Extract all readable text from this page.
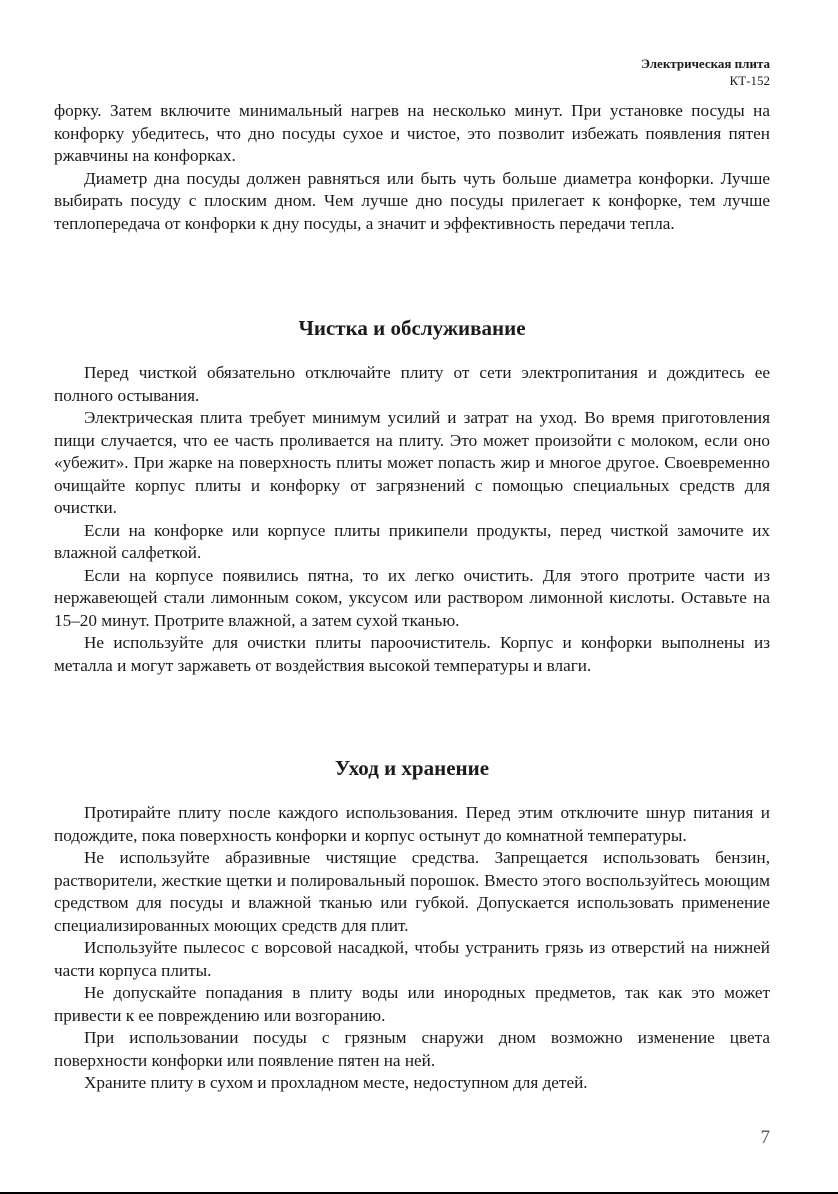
Электрическая плита
КТ-152

форку. Затем включите минимальный нагрев на несколько минут. При установке посуды на конфорку убедитесь, что дно посуды сухое и чистое, это позволит избежать появления пятен ржавчины на конфорках.

Диаметр дна посуды должен равняться или быть чуть больше диаметра конфорки. Лучше выбирать посуду с плоским дном. Чем лучше дно посуды прилегает к конфорке, тем лучше теплопередача от конфорки к дну посуды, а значит и эффективность передачи тепла.

Чистка и обслуживание

Перед чисткой обязательно отключайте плиту от сети электропитания и дождитесь ее полного остывания.

Электрическая плита требует минимум усилий и затрат на уход. Во время приготовления пищи случается, что ее часть проливается на плиту. Это может произойти с молоком, если оно «убежит». При жарке на поверхность плиты может попасть жир и многое другое. Своевременно очищайте корпус плиты и конфорку от загрязнений с помощью специальных средств для очистки.

Если на конфорке или корпусе плиты прикипели продукты, перед чисткой замочите их влажной салфеткой.

Если на корпусе появились пятна, то их легко очистить. Для этого протрите части из нержавеющей стали лимонным соком, уксусом или раствором лимонной кислоты. Оставьте на 15–20 минут. Протрите влажной, а затем сухой тканью.

Не используйте для очистки плиты пароочиститель. Корпус и конфорки выполнены из металла и могут заржаветь от воздействия высокой температуры и влаги.

Уход и хранение

Протирайте плиту после каждого использования. Перед этим отключите шнур питания и подождите, пока поверхность конфорки и корпус остынут до комнатной температуры.

Не используйте абразивные чистящие средства. Запрещается использовать бензин, растворители, жесткие щетки и полировальный порошок. Вместо этого воспользуйтесь моющим средством для посуды и влажной тканью или губкой. Допускается использовать применение специализированных моющих средств для плит.

Используйте пылесос с ворсовой насадкой, чтобы устранить грязь из отверстий на нижней части корпуса плиты.

Не допускайте попадания в плиту воды или инородных предметов, так как это может привести к ее повреждению или возгоранию.

При использовании посуды с грязным снаружи дном возможно изменение цвета поверхности конфорки или появление пятен на ней.

Храните плиту в сухом и прохладном месте, недоступном для детей.

7
